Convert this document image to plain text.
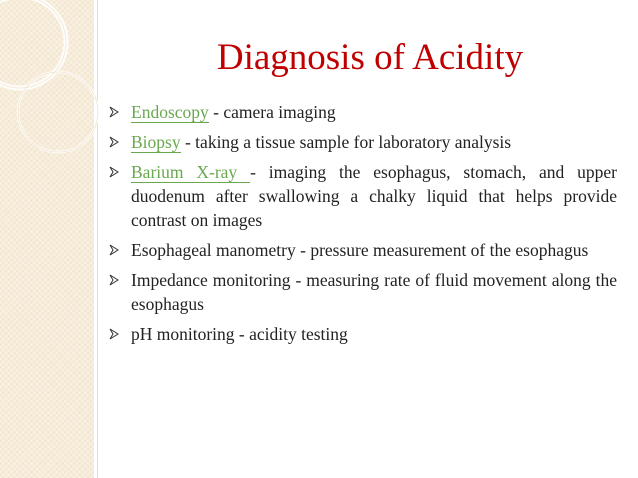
Diagnosis of Acidity
Endoscopy - camera imaging
Biopsy - taking a tissue sample for laboratory analysis
Barium X-ray - imaging the esophagus, stomach, and upper duodenum after swallowing a chalky liquid that helps provide contrast on images
Esophageal manometry - pressure measurement of the esophagus
Impedance monitoring - measuring rate of fluid movement along the esophagus
pH monitoring - acidity testing
